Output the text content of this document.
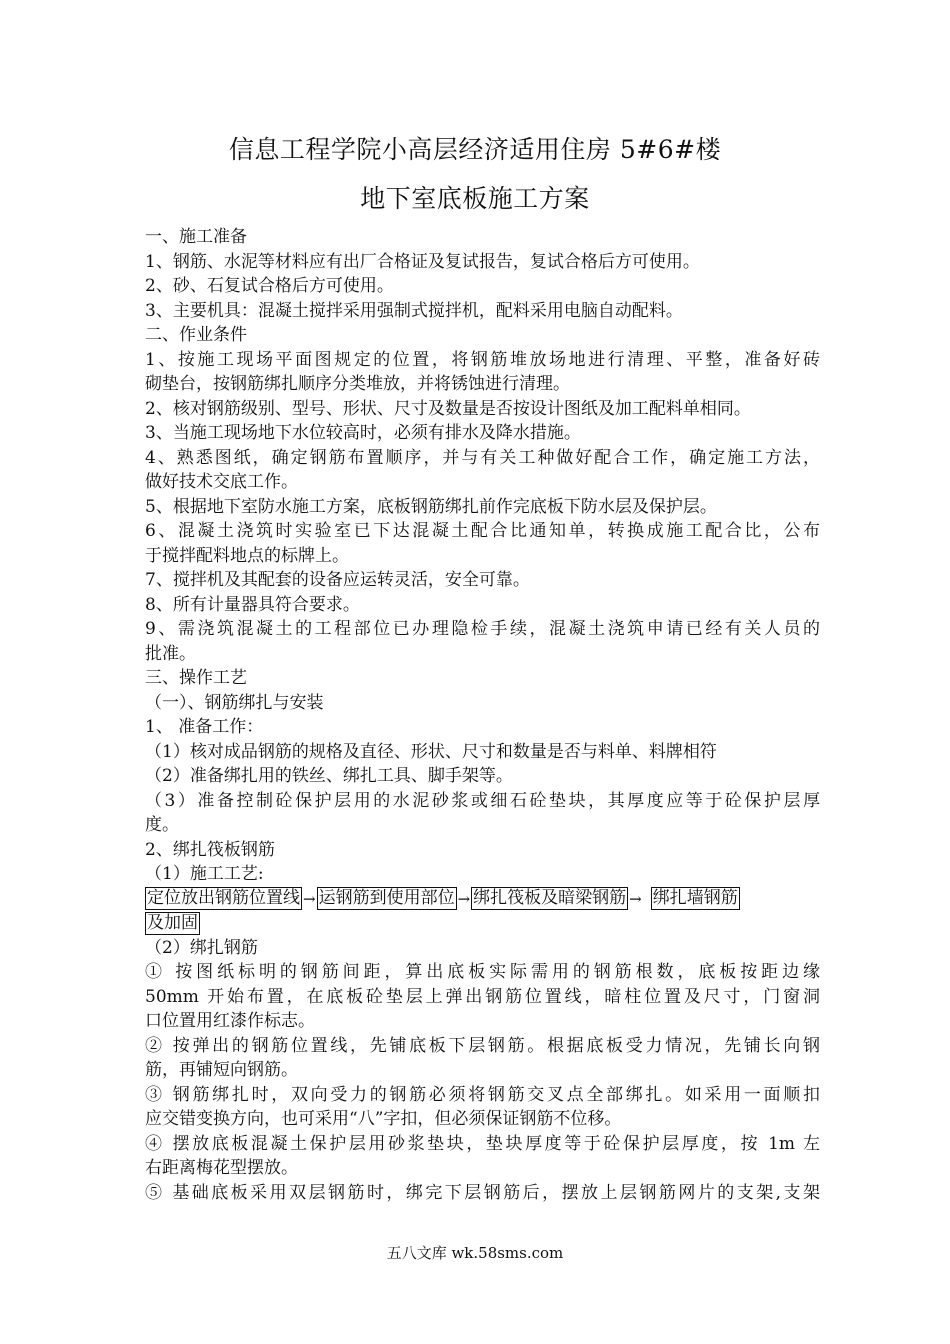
信息工程学院小高层经济适用住房 5#6#楼
地下室底板施工方案
一、施工准备
1、钢筋、水泥等材料应有出厂合格证及复试报告，复试合格后方可使用。
2、砂、石复试合格后方可使用。
3、主要机具：混凝土搅拌采用强制式搅拌机，配料采用电脑自动配料。
二、作业条件
1、按施工现场平面图规定的位置，将钢筋堆放场地进行清理、平整，准备好砖
砌垫台，按钢筋绑扎顺序分类堆放，并将锈蚀进行清理。
2、核对钢筋级别、型号、形状、尺寸及数量是否按设计图纸及加工配料单相同。
3、当施工现场地下水位较高时，必须有排水及降水措施。
4、熟悉图纸，确定钢筋布置顺序，并与有关工种做好配合工作，确定施工方法，
做好技术交底工作。
5、根据地下室防水施工方案，底板钢筋绑扎前作完底板下防水层及保护层。
6、混凝土浇筑时实验室已下达混凝土配合比通知单，转换成施工配合比，公布
于搅拌配料地点的标牌上。
7、搅拌机及其配套的设备应运转灵活，安全可靠。
8、所有计量器具符合要求。
9、需浇筑混凝土的工程部位已办理隐检手续，混凝土浇筑申请已经有关人员的
批准。
三、操作工艺
（一）、钢筋绑扎与安装
1、 准备工作：
（1）核对成品钢筋的规格及直径、形状、尺寸和数量是否与料单、料牌相符
（2）准备绑扎用的铁丝、绑扎工具、脚手架等。
（3）准备控制砼保护层用的水泥砂浆或细石砼垫块，其厚度应等于砼保护层厚
度。
2、绑扎筏板钢筋
（1）施工工艺:
定位放出钢筋位置线 → 运钢筋到使用部位 → 绑扎筏板及暗梁钢筋 → 绑扎墙钢筋
及加固
（2）绑扎钢筋
① 按图纸标明的钢筋间距，算出底板实际需用的钢筋根数，底板按距边缘
50mm 开始布置，在底板砼垫层上弹出钢筋位置线，暗柱位置及尺寸，门窗洞
口位置用红漆作标志。
② 按弹出的钢筋位置线，先铺底板下层钢筋。根据底板受力情况，先铺长向钢
筋，再铺短向钢筋。
③ 钢筋绑扎时，双向受力的钢筋必须将钢筋交叉点全部绑扎。如采用一面顺扣
应交错变换方向，也可采用“八”字扣，但必须保证钢筋不位移。
④ 摆放底板混凝土保护层用砂浆垫块，垫块厚度等于砼保护层厚度，按 1m 左
右距离梅花型摆放。
⑤ 基础底板采用双层钢筋时，绑完下层钢筋后，摆放上层钢筋网片的支架,支架
五八文库 wk.58sms.com
